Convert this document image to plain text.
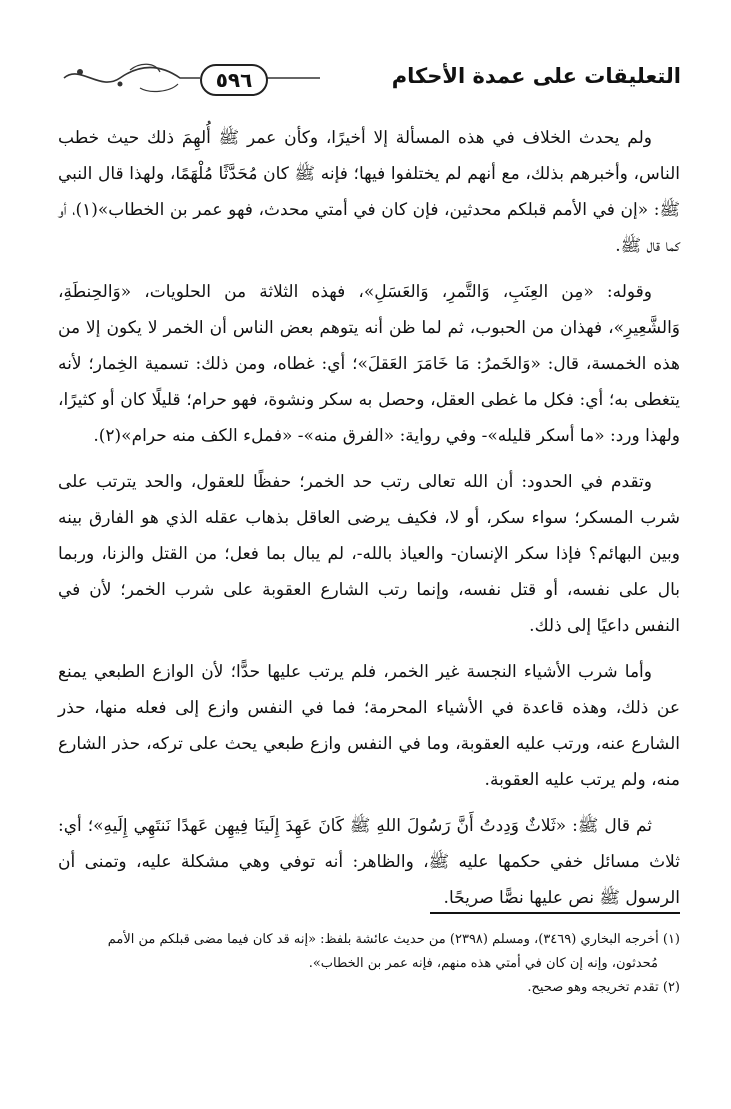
٥٩٦	التعليقات على عمدة الأحكام

ولم يحدث الخلاف في هذه المسألة إلا أخيرًا، وكأن عمر ﷺ أُلهِمَ ذلك حيث خطب الناس، وأخبرهم بذلك، مع أنهم لم يختلفوا فيها؛ فإنه ﷺ كان مُحَدَّثًا مُلْهَمًا، ولهذا قال النبي ﷺ: «إن في الأمم قبلكم محدثين، فإن كان في أمتي محدث، فهو عمر بن الخطاب»(١)، أو كما قال ﷺ.

وقوله: «مِن العِنَبِ، وَالتَّمرِ، وَالعَسَلِ»، فهذه الثلاثة من الحلويات، «وَالحِنطَةِ، وَالشَّعِيرِ»، فهذان من الحبوب، ثم لما ظن أنه يتوهم بعض الناس أن الخمر لا يكون إلا من هذه الخمسة، قال: «وَالخَمرُ: مَا خَامَرَ العَقلَ»؛ أي: غطاه، ومن ذلك: تسمية الخِمار؛ لأنه يتغطى به؛ أي: فكل ما غطى العقل، وحصل به سكر ونشوة، فهو حرام؛ قليلًا كان أو كثيرًا، ولهذا ورد: «ما أسكر قليله»- وفي رواية: «الفرق منه»- «فملء الكف منه حرام»(٢).

وتقدم في الحدود: أن الله تعالى رتب حد الخمر؛ حفظًا للعقول، والحد يترتب على شرب المسكر؛ سواء سكر، أو لا، فكيف يرضى العاقل بذهاب عقله الذي هو الفارق بينه وبين البهائم؟ فإذا سكر الإنسان- والعياذ بالله-، لم يبال بما فعل؛ من القتل والزنا، وربما بال على نفسه، أو قتل نفسه، وإنما رتب الشارع العقوبة على شرب الخمر؛ لأن في النفس داعيًا إلى ذلك.

وأما شرب الأشياء النجسة غير الخمر، فلم يرتب عليها حدًّا؛ لأن الوازع الطبعي يمنع عن ذلك، وهذه قاعدة في الأشياء المحرمة؛ فما في النفس وازع إلى فعله منها، حذر الشارع عنه، ورتب عليه العقوبة، وما في النفس وازع طبعي يحث على تركه، حذر الشارع منه، ولم يرتب عليه العقوبة.

ثم قال ﷺ: «ثَلاثٌ وَدِدتُ أَنَّ رَسُولَ اللهِ ﷺ كَانَ عَهِدَ إِلَينَا فِيهِن عَهدًا نَنتَهِي إِلَيهِ»؛ أي: ثلاث مسائل خفي حكمها عليه ﷺ، والظاهر: أنه توفي وهي مشكلة عليه، وتمنى أن الرسول ﷺ نص عليها نصًّا صريحًا.

(١) أخرجه البخاري (٣٤٦٩)، ومسلم (٢٣٩٨) من حديث عائشة بلفظ: «إنه قد كان فيما مضى قبلكم من الأمم

مُحدثون، وإنه إن كان في أمتي هذه منهم، فإنه عمر بن الخطاب».

(٢) تقدم تخريجه وهو صحيح.
